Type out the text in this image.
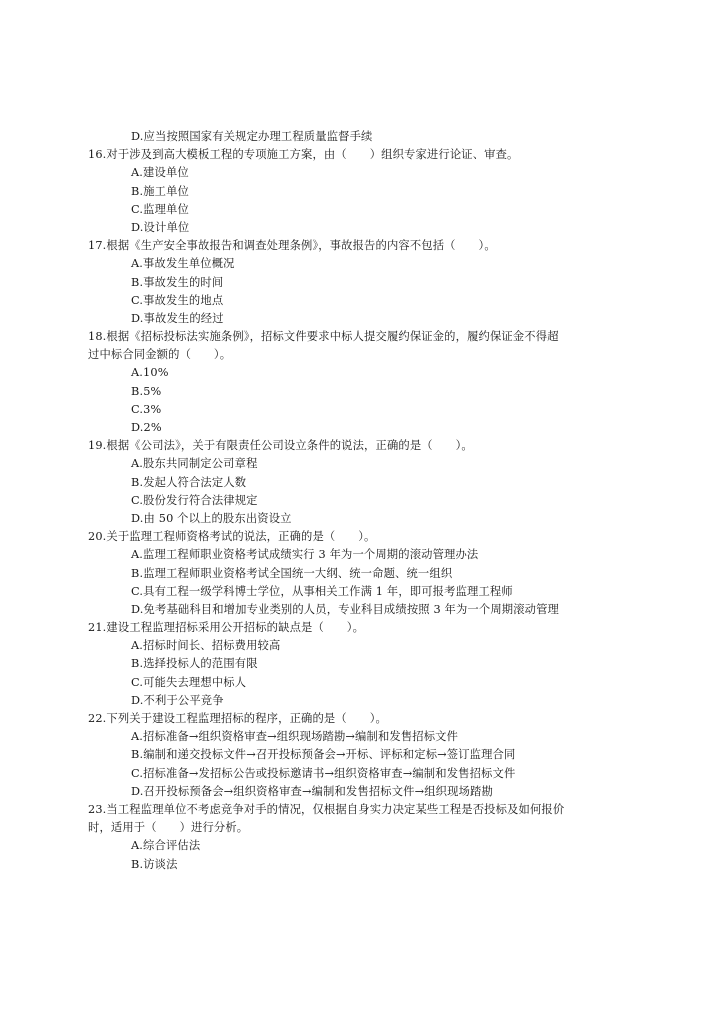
D.应当按照国家有关规定办理工程质量监督手续
16.对于涉及到高大模板工程的专项施工方案，由（　　）组织专家进行论证、审查。
A.建设单位
B.施工单位
C.监理单位
D.设计单位
17.根据《生产安全事故报告和调查处理条例》，事故报告的内容不包括（　　）。
A.事故发生单位概况
B.事故发生的时间
C.事故发生的地点
D.事故发生的经过
18.根据《招标投标法实施条例》，招标文件要求中标人提交履约保证金的，履约保证金不得超
过中标合同金额的（　　）。
A.10%
B.5%
C.3%
D.2%
19.根据《公司法》，关于有限责任公司设立条件的说法，正确的是（　　）。
A.股东共同制定公司章程
B.发起人符合法定人数
C.股份发行符合法律规定
D.由 50 个以上的股东出资设立
20.关于监理工程师资格考试的说法，正确的是（　　）。
A.监理工程师职业资格考试成绩实行 3 年为一个周期的滚动管理办法
B.监理工程师职业资格考试全国统一大纲、统一命题、统一组织
C.具有工程一级学科博士学位，从事相关工作满 1 年，即可报考监理工程师
D.免考基础科目和增加专业类别的人员，专业科目成绩按照 3 年为一个周期滚动管理
21.建设工程监理招标采用公开招标的缺点是（　　）。
A.招标时间长、招标费用较高
B.选择投标人的范围有限
C.可能失去理想中标人
D.不利于公平竞争
22.下列关于建设工程监理招标的程序，正确的是（　　）。
A.招标准备→组织资格审查→组织现场踏勘→编制和发售招标文件
B.编制和递交投标文件→召开投标预备会→开标、评标和定标→签订监理合同
C.招标准备→发招标公告或投标邀请书→组织资格审查→编制和发售招标文件
D.召开投标预备会→组织资格审查→编制和发售招标文件→组织现场踏勘
23.当工程监理单位不考虑竞争对手的情况，仅根据自身实力决定某些工程是否投标及如何报价
时，适用于（　　）进行分析。
A.综合评估法
B.访谈法
